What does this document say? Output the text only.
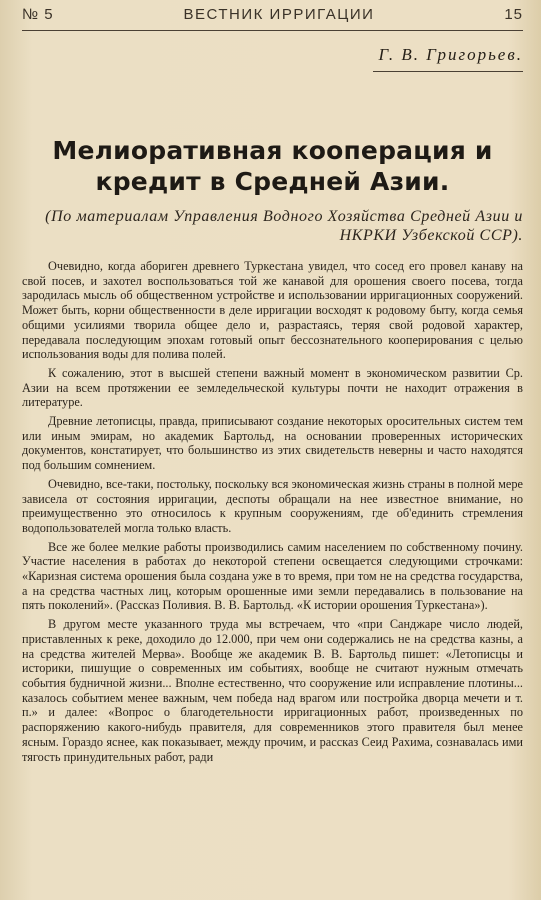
№ 5	ВЕСТНИК ИРРИГАЦИИ	15
Г. В. Григорьев.
Мелиоративная кооперация и кредит в Средней Азии.
(По материалам Управления Водного Хозяйства Средней Азии и НКРКИ Узбекской ССР).

Очевидно, когда абориген древнего Туркестана увидел, что сосед его провел канаву на свой посев, и захотел воспользоваться той же канавой для орошения своего посева, тогда зародилась мысль об общественном устройстве и использовании ирригационных сооружений. Может быть, корни общественности в деле ирригации восходят к родовому быту, когда семья общими усилиями творила общее дело и, разрастаясь, теряя свой родовой характер, передавала последующим эпохам готовый опыт бессознательного кооперирования с целью использования воды для полива полей.

К сожалению, этот в высшей степени важный момент в экономическом развитии Ср. Азии на всем протяжении ее земледельческой культуры почти не находит отражения в литературе.

Древние летописцы, правда, приписывают создание некоторых оросительных систем тем или иным эмирам, но академик Бартольд, на основании проверенных исторических документов, констатирует, что большинство из этих свидетельств неверны и часто находятся под большим сомнением.

Очевидно, все-таки, постольку, поскольку вся экономическая жизнь страны в полной мере зависела от состояния ирригации, деспоты обращали на нее известное внимание, но преимущественно это относилось к крупным сооружениям, где об'единить стремления водопользователей могла только власть.

Все же более мелкие работы производились самим населением по собственному почину. Участие населения в работах до некоторой степени освещается следующими строчками: «Каризная система орошения была создана уже в то время, при том не на средства государства, а на средства частных лиц, которым орошенные ими земли передавались в пользование на пять поколений». (Рассказ Поливия. В. В. Бартольд. «К истории орошения Туркестана»).

В другом месте указанного труда мы встречаем, что «при Санджаре число людей, приставленных к реке, доходило до 12.000, при чем они содержались не на средства казны, а на средства жителей Мерва». Вообще же академик В. В. Бартольд пишет: «Летописцы и историки, пишущие о современных им событиях, вообще не считают нужным отмечать события будничной жизни... Вполне естественно, что сооружение или исправление плотины... казалось событием менее важным, чем победа над врагом или постройка дворца мечети и т. п.» и далее: «Вопрос о благодетельности ирригационных работ, произведенных по распоряжению какого-нибудь правителя, для современников этого правителя был менее ясным. Гораздо яснее, как показывает, между прочим, и рассказ Сеид Рахима, сознавалась ими тягость принудительных работ, ради
